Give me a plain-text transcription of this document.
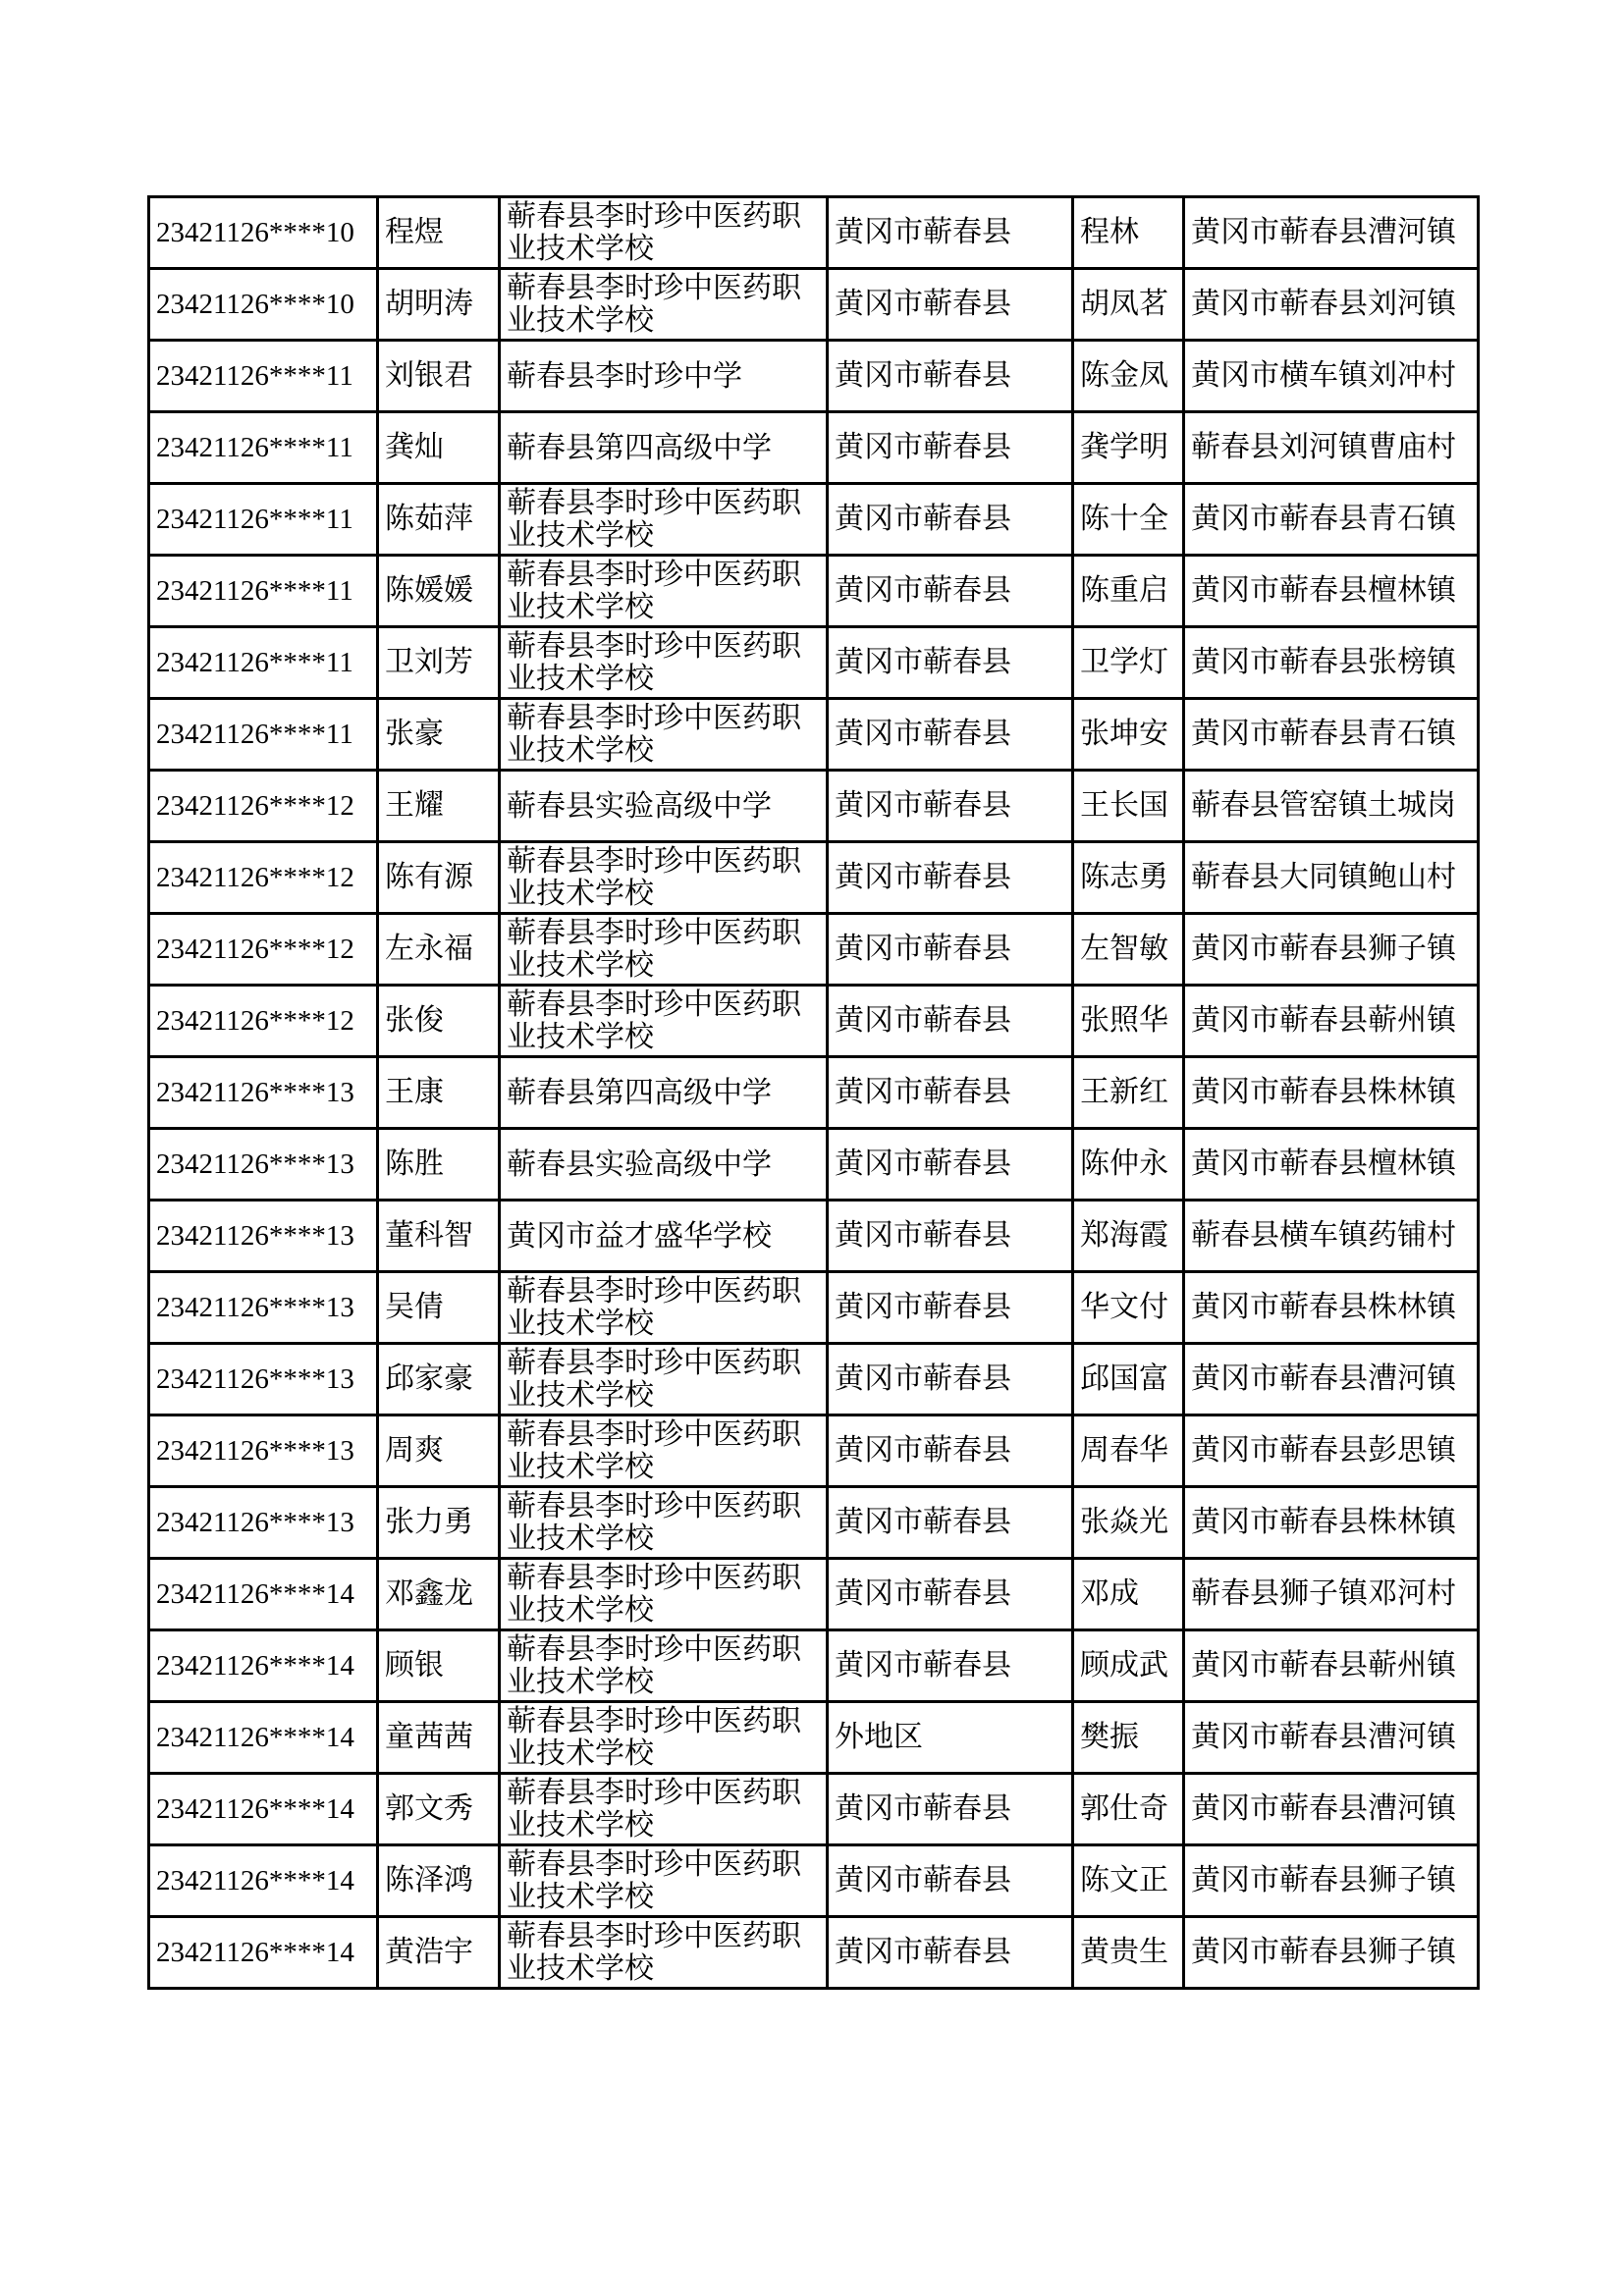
23421126****10	程煜	蕲春县李时珍中医药职业技术学校	黄冈市蕲春县	程林	黄冈市蕲春县漕河镇
23421126****10	胡明涛	蕲春县李时珍中医药职业技术学校	黄冈市蕲春县	胡凤茗	黄冈市蕲春县刘河镇
23421126****11	刘银君	蕲春县李时珍中学	黄冈市蕲春县	陈金凤	黄冈市横车镇刘冲村
23421126****11	龚灿	蕲春县第四高级中学	黄冈市蕲春县	龚学明	蕲春县刘河镇曹庙村
23421126****11	陈茹萍	蕲春县李时珍中医药职业技术学校	黄冈市蕲春县	陈十全	黄冈市蕲春县青石镇
23421126****11	陈媛媛	蕲春县李时珍中医药职业技术学校	黄冈市蕲春县	陈重启	黄冈市蕲春县檀林镇
23421126****11	卫刘芳	蕲春县李时珍中医药职业技术学校	黄冈市蕲春县	卫学灯	黄冈市蕲春县张榜镇
23421126****11	张豪	蕲春县李时珍中医药职业技术学校	黄冈市蕲春县	张坤安	黄冈市蕲春县青石镇
23421126****12	王耀	蕲春县实验高级中学	黄冈市蕲春县	王长国	蕲春县管窑镇土城岗
23421126****12	陈有源	蕲春县李时珍中医药职业技术学校	黄冈市蕲春县	陈志勇	蕲春县大同镇鲍山村
23421126****12	左永福	蕲春县李时珍中医药职业技术学校	黄冈市蕲春县	左智敏	黄冈市蕲春县狮子镇
23421126****12	张俊	蕲春县李时珍中医药职业技术学校	黄冈市蕲春县	张照华	黄冈市蕲春县蕲州镇
23421126****13	王康	蕲春县第四高级中学	黄冈市蕲春县	王新红	黄冈市蕲春县株林镇
23421126****13	陈胜	蕲春县实验高级中学	黄冈市蕲春县	陈仲永	黄冈市蕲春县檀林镇
23421126****13	董科智	黄冈市益才盛华学校	黄冈市蕲春县	郑海霞	蕲春县横车镇药铺村
23421126****13	吴倩	蕲春县李时珍中医药职业技术学校	黄冈市蕲春县	华文付	黄冈市蕲春县株林镇
23421126****13	邱家豪	蕲春县李时珍中医药职业技术学校	黄冈市蕲春县	邱国富	黄冈市蕲春县漕河镇
23421126****13	周爽	蕲春县李时珍中医药职业技术学校	黄冈市蕲春县	周春华	黄冈市蕲春县彭思镇
23421126****13	张力勇	蕲春县李时珍中医药职业技术学校	黄冈市蕲春县	张焱光	黄冈市蕲春县株林镇
23421126****14	邓鑫龙	蕲春县李时珍中医药职业技术学校	黄冈市蕲春县	邓成	蕲春县狮子镇邓河村
23421126****14	顾银	蕲春县李时珍中医药职业技术学校	黄冈市蕲春县	顾成武	黄冈市蕲春县蕲州镇
23421126****14	童茜茜	蕲春县李时珍中医药职业技术学校	外地区	樊振	黄冈市蕲春县漕河镇
23421126****14	郭文秀	蕲春县李时珍中医药职业技术学校	黄冈市蕲春县	郭仕奇	黄冈市蕲春县漕河镇
23421126****14	陈泽鸿	蕲春县李时珍中医药职业技术学校	黄冈市蕲春县	陈文正	黄冈市蕲春县狮子镇
23421126****14	黄浩宇	蕲春县李时珍中医药职业技术学校	黄冈市蕲春县	黄贵生	黄冈市蕲春县狮子镇
